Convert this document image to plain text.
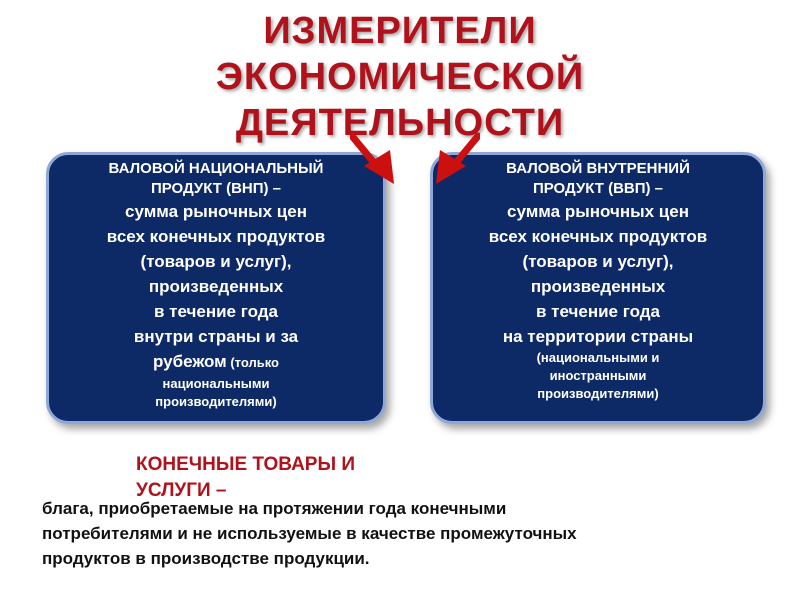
ИЗМЕРИТЕЛИ
ЭКОНОМИЧЕСКОЙ
ДЕЯТЕЛЬНОСТИ
ВАЛОВОЙ НАЦИОНАЛЬНЫЙ
ПРОДУКТ (ВНП) –
сумма рыночных цен
всех конечных продуктов
(товаров и услуг),
произведенных
в течение года
внутри страны и за
рубежом (только
национальными
производителями)
ВАЛОВОЙ ВНУТРЕННИЙ
ПРОДУКТ (ВВП) –
сумма рыночных цен
всех конечных продуктов
(товаров и услуг),
произведенных
в течение года
на территории страны
(национальными и
иностранными
производителями)
КОНЕЧНЫЕ ТОВАРЫ И
УСЛУГИ –

блага, приобретаемые на протяжении года конечными
потребителями и не используемые в качестве промежуточных
продуктов в производстве продукции.
